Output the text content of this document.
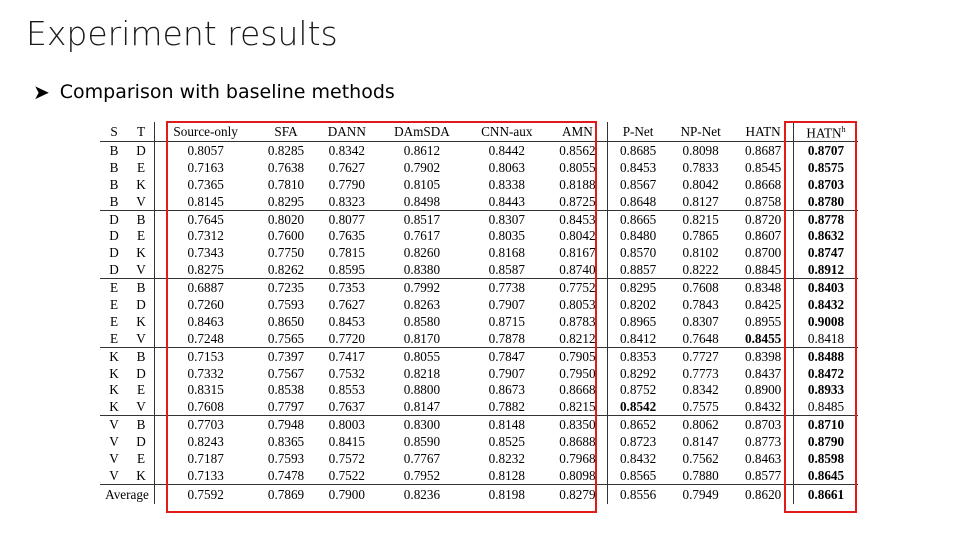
Experiment results
➤ Comparison with baseline methods
S	T	Source-only	SFA	DANN	DAmSDA	CNN-aux	AMN	P-Net	NP-Net	HATN	HATN$^h$
B	D	0.8057	0.8285	0.8342	0.8612	0.8442	0.8562	0.8685	0.8098	0.8687	0.8707
B	E	0.7163	0.7638	0.7627	0.7902	0.8063	0.8055	0.8453	0.7833	0.8545	0.8575
B	K	0.7365	0.7810	0.7790	0.8105	0.8338	0.8188	0.8567	0.8042	0.8668	0.8703
B	V	0.8145	0.8295	0.8323	0.8498	0.8443	0.8725	0.8648	0.8127	0.8758	0.8780
D	B	0.7645	0.8020	0.8077	0.8517	0.8307	0.8453	0.8665	0.8215	0.8720	0.8778
D	E	0.7312	0.7600	0.7635	0.7617	0.8035	0.8042	0.8480	0.7865	0.8607	0.8632
D	K	0.7343	0.7750	0.7815	0.8260	0.8168	0.8167	0.8570	0.8102	0.8700	0.8747
D	V	0.8275	0.8262	0.8595	0.8380	0.8587	0.8740	0.8857	0.8222	0.8845	0.8912
E	B	0.6887	0.7235	0.7353	0.7992	0.7738	0.7752	0.8295	0.7608	0.8348	0.8403
E	D	0.7260	0.7593	0.7627	0.8263	0.7907	0.8053	0.8202	0.7843	0.8425	0.8432
E	K	0.8463	0.8650	0.8453	0.8580	0.8715	0.8783	0.8965	0.8307	0.8955	0.9008
E	V	0.7248	0.7565	0.7720	0.8170	0.7878	0.8212	0.8412	0.7648	0.8455	0.8418
K	B	0.7153	0.7397	0.7417	0.8055	0.7847	0.7905	0.8353	0.7727	0.8398	0.8488
K	D	0.7332	0.7567	0.7532	0.8218	0.7907	0.7950	0.8292	0.7773	0.8437	0.8472
K	E	0.8315	0.8538	0.8553	0.8800	0.8673	0.8668	0.8752	0.8342	0.8900	0.8933
K	V	0.7608	0.7797	0.7637	0.8147	0.7882	0.8215	0.8542	0.7575	0.8432	0.8485
V	B	0.7703	0.7948	0.8003	0.8300	0.8148	0.8350	0.8652	0.8062	0.8703	0.8710
V	D	0.8243	0.8365	0.8415	0.8590	0.8525	0.8688	0.8723	0.8147	0.8773	0.8790
V	E	0.7187	0.7593	0.7572	0.7767	0.8232	0.7968	0.8432	0.7562	0.8463	0.8598
V	K	0.7133	0.7478	0.7522	0.7952	0.8128	0.8098	0.8565	0.7880	0.8577	0.8645
Average		0.7592	0.7869	0.7900	0.8236	0.8198	0.8279	0.8556	0.7949	0.8620	0.8661
